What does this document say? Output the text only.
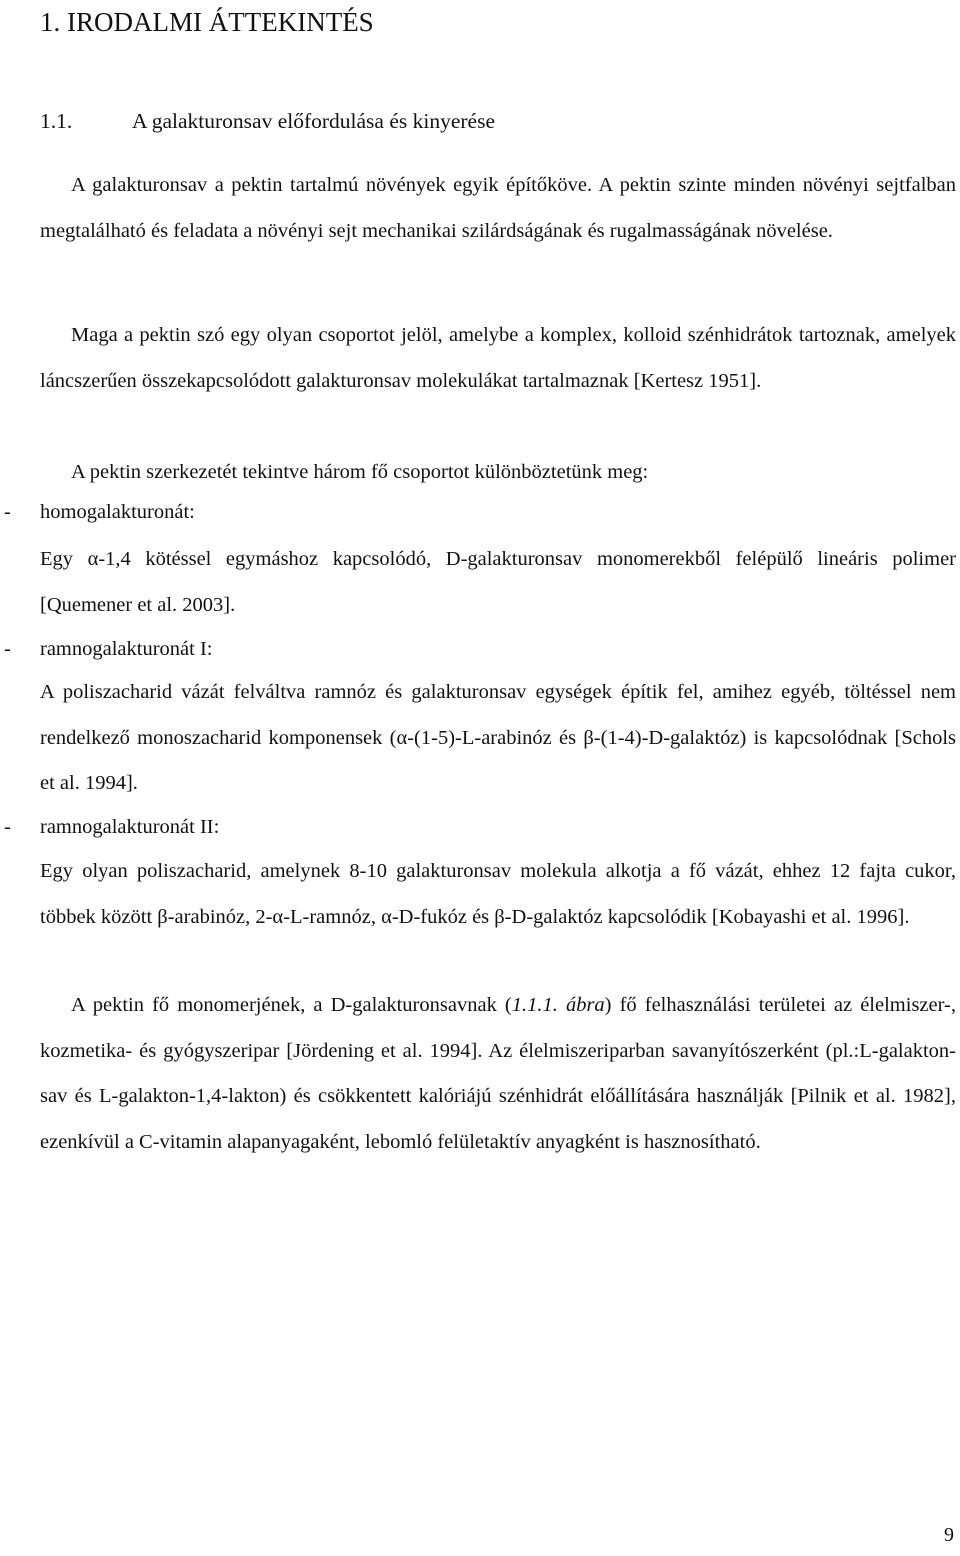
1. IRODALMI ÁTTEKINTÉS
1.1.	A galakturonsav előfordulása és kinyerése

A galakturonsav a pektin tartalmú növények egyik építőköve. A pektin szinte minden növényi sejtfalban megtalálható és feladata a növényi sejt mechanikai szilárdságának és rugalmasságának növelése.

Maga a pektin szó egy olyan csoportot jelöl, amelybe a komplex, kolloid szénhidrátok tartoznak, amelyek láncszerűen összekapcsolódott galakturonsav molekulákat tartalmaznak [Kertesz 1951].

A pektin szerkezetét tekintve három fő csoportot különböztetünk meg:

- homogalakturonát:

Egy α-1,4 kötéssel egymáshoz kapcsolódó, D-galakturonsav monomerekből felépülő lineáris polimer [Quemener et al. 2003].

- ramnogalakturonát I:

A poliszacharid vázát felváltva ramnóz és galakturonsav egységek építik fel, amihez egyéb, töltéssel nem rendelkező monoszacharid komponensek (α-(1-5)-L-arabinóz és β-(1-4)-D-galaktóz) is kapcsolódnak [Schols et al. 1994].

- ramnogalakturonát II:

Egy olyan poliszacharid, amelynek 8-10 galakturonsav molekula alkotja a fő vázát, ehhez 12 fajta cukor, többek között β-arabinóz, 2-α-L-ramnóz, α-D-fukóz és β-D-galaktóz kapcsolódik [Kobayashi et al. 1996].

A pektin fő monomerjének, a D-galakturonsavnak (1.1.1. ábra) fő felhasználási területei az élelmiszer-, kozmetika- és gyógyszeripar [Jördening et al. 1994]. Az élelmiszeriparban savanyítószerként (pl.:L-galakton-sav és L-galakton-1,4-lakton) és csökkentett kalóriájú szénhidrát előállítására használják [Pilnik et al. 1982], ezenkívül a C-vitamin alapanyagaként, lebomló felületaktív anyagként is hasznosítható.

9
